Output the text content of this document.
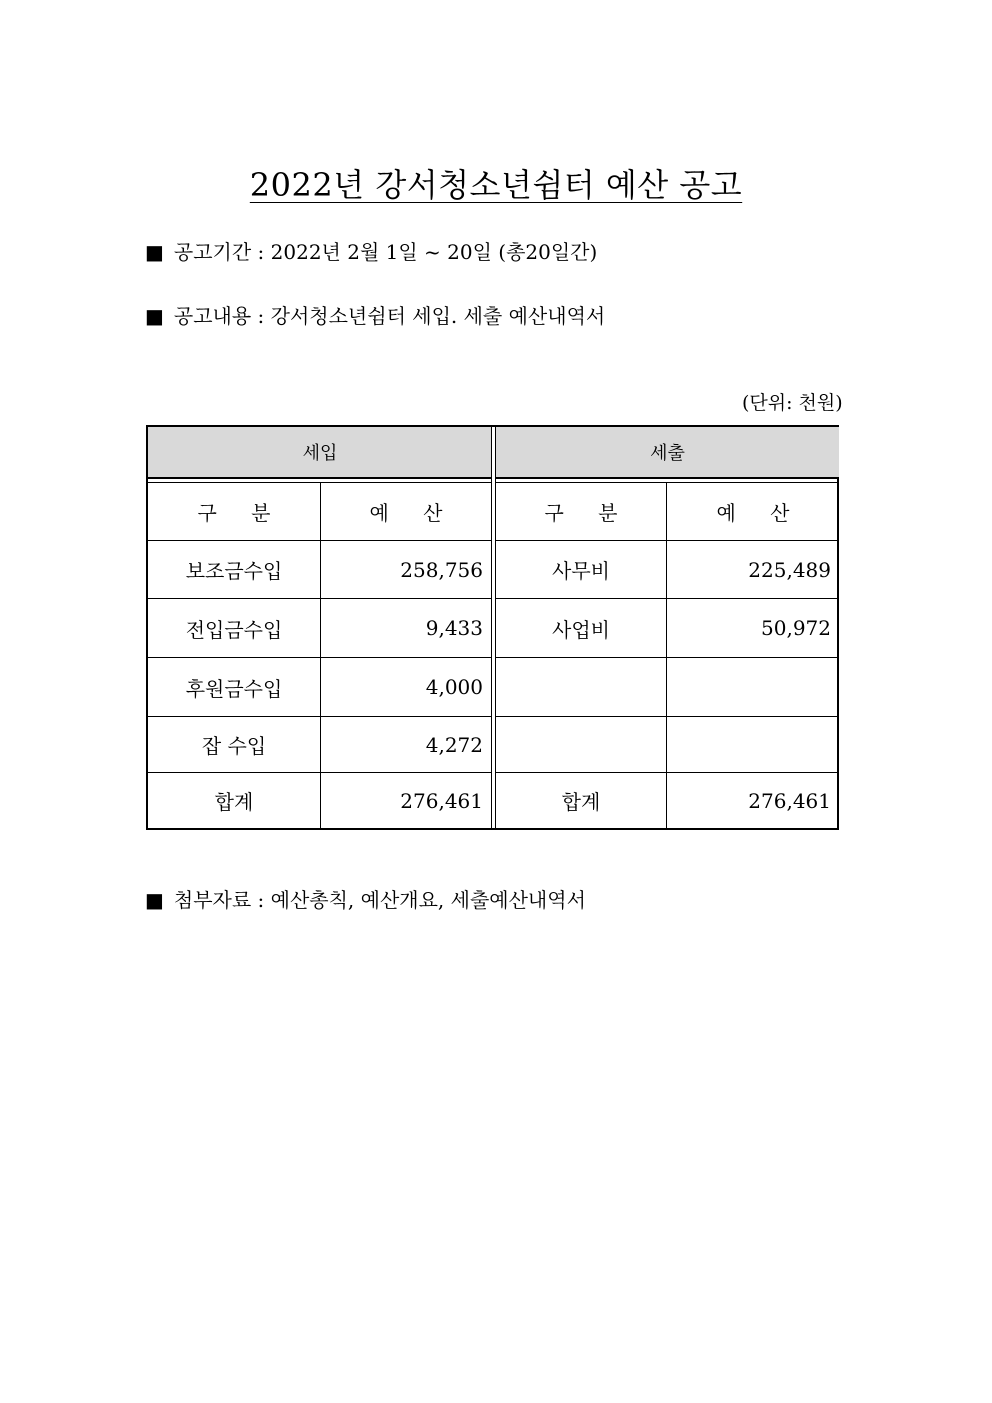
2022년 강서청소년쉼터 예산 공고
■ 공고기간 : 2022년 2월 1일 ~ 20일 (총20일간)
■ 공고내용 : 강서청소년쉼터 세입. 세출 예산내역서
(단위: 천원)
세입	세출
구 분	예 산	구 분	예 산
보조금수입	258,756	사무비	225,489
전입금수입	9,433	사업비	50,972
후원금수입	4,000
잡 수입	4,272
합계	276,461	합계	276,461
■ 첨부자료 : 예산총칙, 예산개요, 세출예산내역서
